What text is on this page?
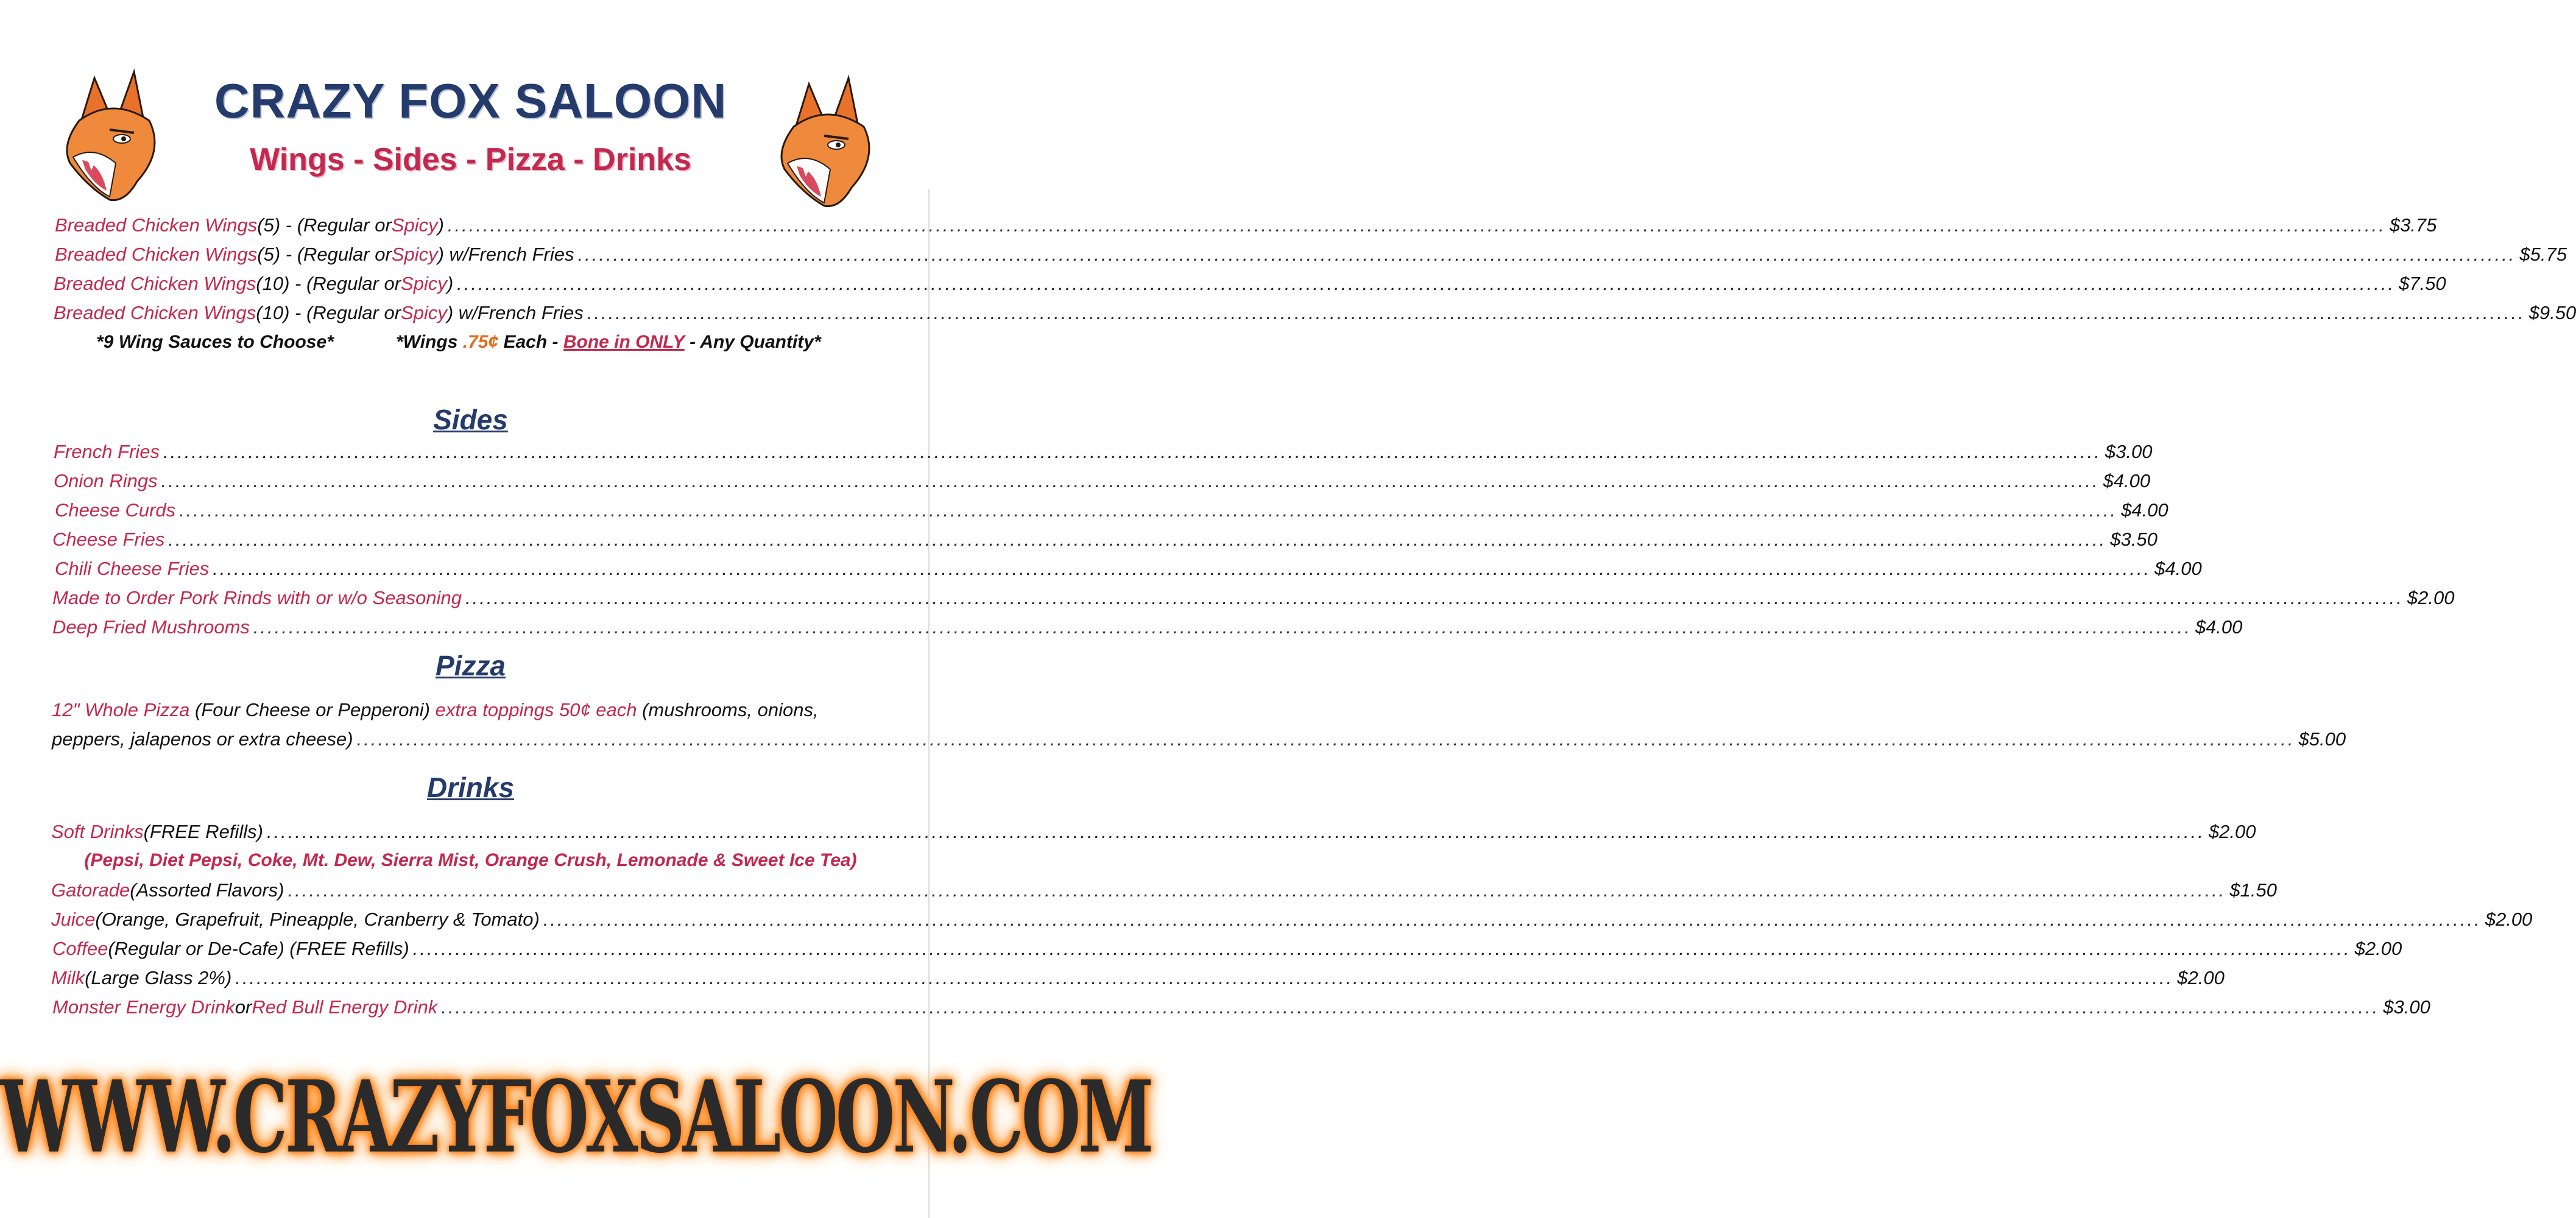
CRAZY FOX SALOON
Wings - Sides - Pizza - Drinks
Breaded Chicken Wings (5) - (Regular or Spicy ) .....	$3.75
Breaded Chicken Wings (5) - (Regular or Spicy ) w/French Fries .....	$5.75
Breaded Chicken Wings (10) - (Regular or Spicy ) .....	$7.50
Breaded Chicken Wings (10) - (Regular or Spicy ) w/French Fries .....	$9.50
*9 Wing Sauces to Choose*	*Wings .75¢ Each - Bone in ONLY - Any Quantity*
Sides
French Fries .....	$3.00
Onion Rings .....	$4.00
Cheese Curds .....	$4.00
Cheese Fries .....	$3.50
Chili Cheese Fries .....	$4.00
Made to Order Pork Rinds with or w/o Seasoning .....	$2.00
Deep Fried Mushrooms .....	$4.00
Pizza
12" Whole Pizza (Four Cheese or Pepperoni) extra toppings 50¢ each (mushrooms, onions,
peppers, jalapenos or extra cheese) .....	$5.00
Drinks
Soft Drinks (FREE Refills) .....	$2.00
(Pepsi, Diet Pepsi, Coke, Mt. Dew, Sierra Mist, Orange Crush, Lemonade & Sweet Ice Tea)
Gatorade (Assorted Flavors) .....	$1.50
Juice (Orange, Grapefruit, Pineapple, Cranberry & Tomato) .....	$2.00
Coffee (Regular or De-Cafe) (FREE Refills) .....	$2.00
Milk (Large Glass 2%) .....	$2.00
Monster Energy Drink or Red Bull Energy Drink .....	$3.00
WWW.CRAZYFOXSALOON.COM
